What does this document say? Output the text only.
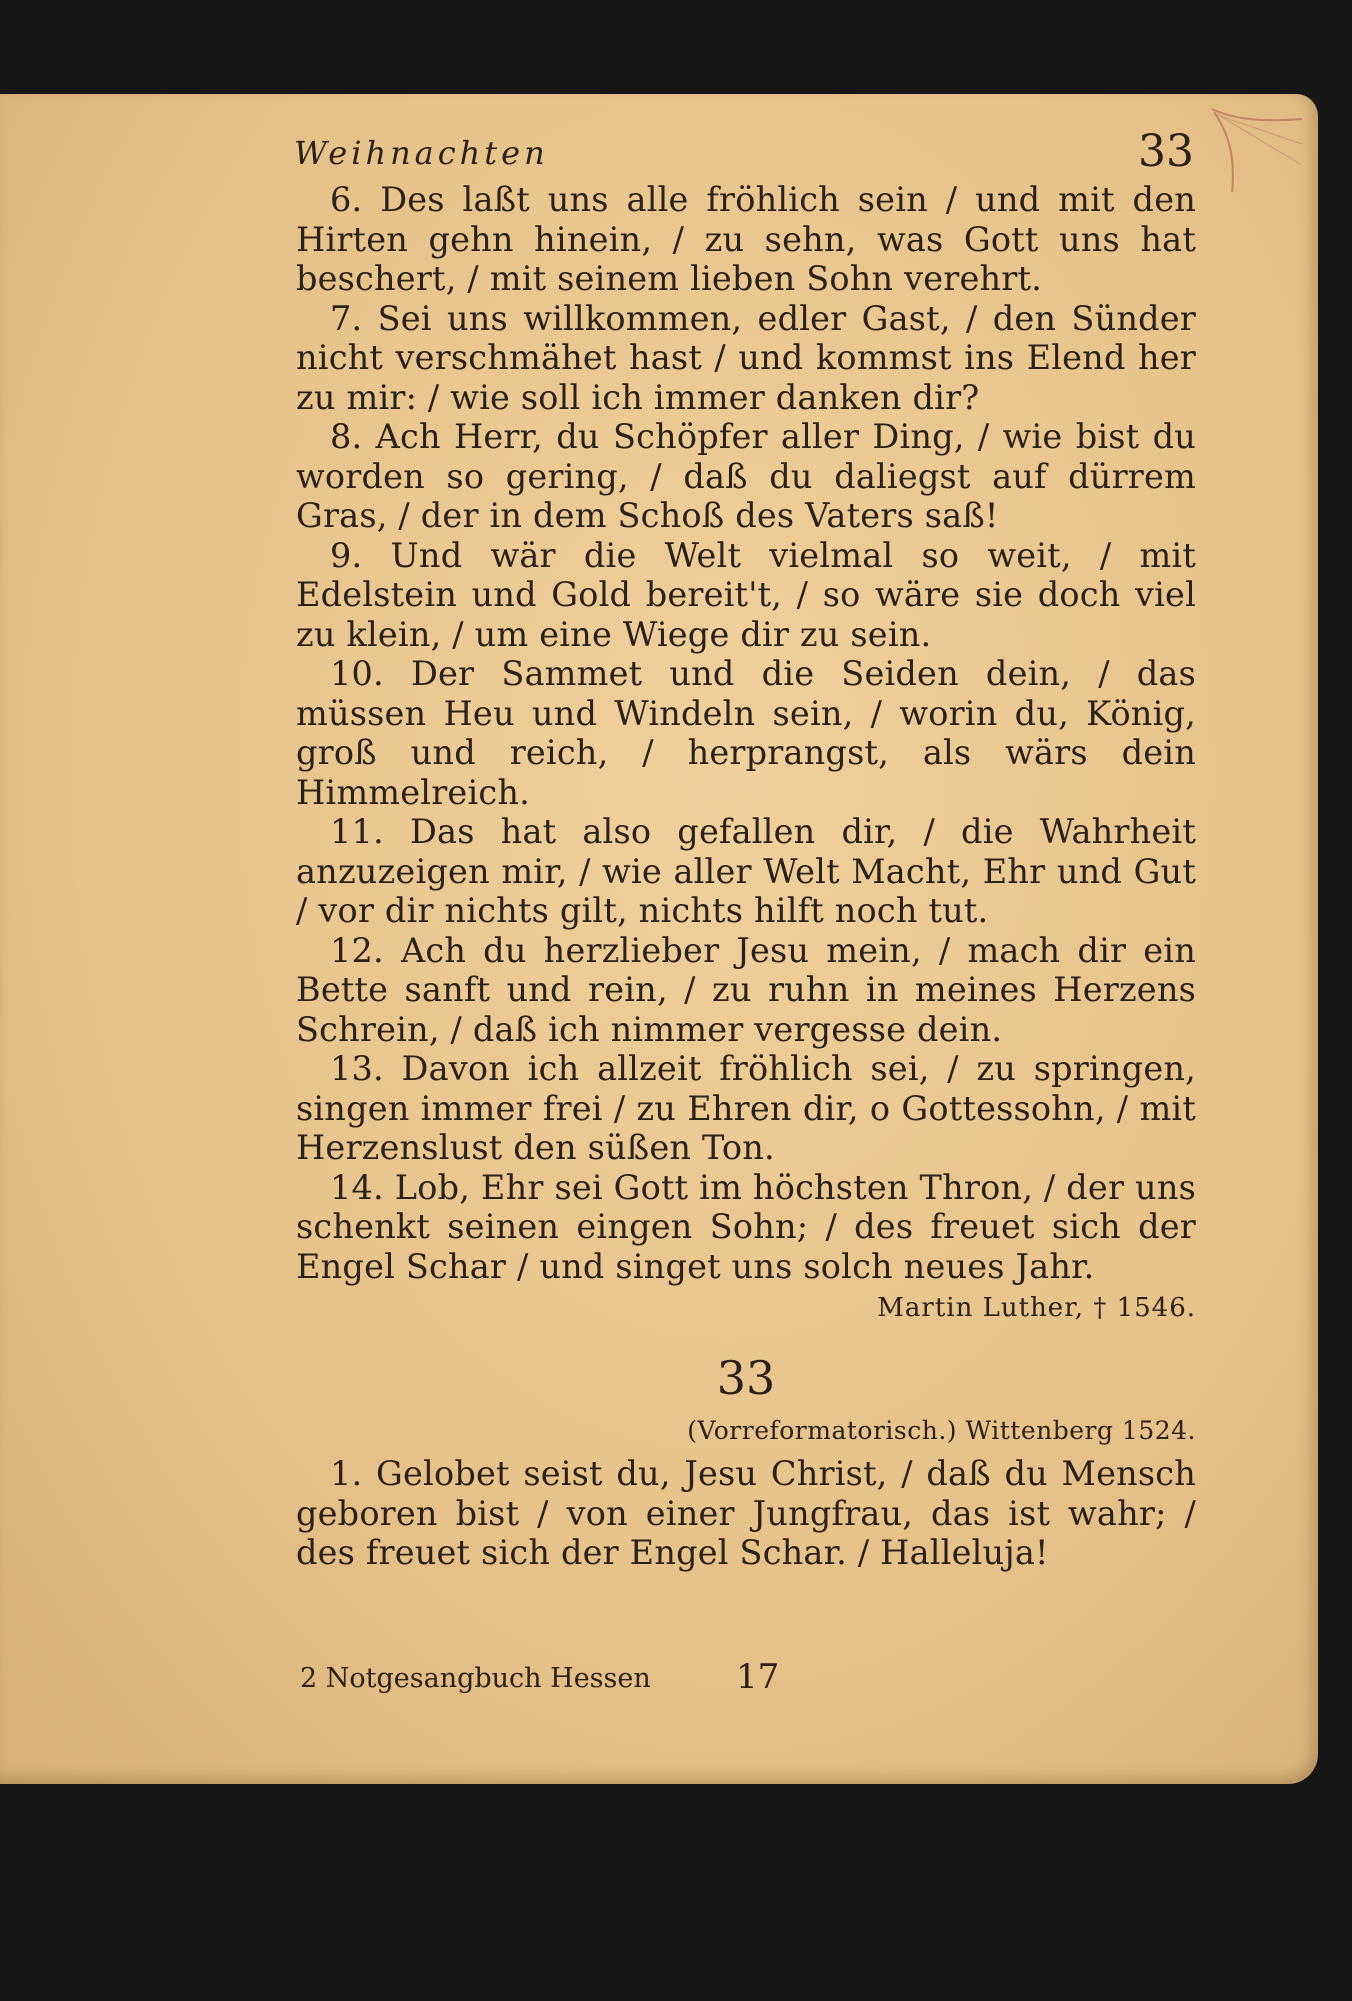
Weihnachten	33

6. Des laßt uns alle fröhlich sein / und mit den Hirten gehn hinein, / zu sehn, was Gott uns hat beschert, / mit seinem lieben Sohn verehrt.

7. Sei uns willkommen, edler Gast, / den Sünder nicht verschmähet hast / und kommst ins Elend her zu mir: / wie soll ich immer danken dir?

8. Ach Herr, du Schöpfer aller Ding, / wie bist du worden so gering, / daß du daliegst auf dürrem Gras, / der in dem Schoß des Vaters saß!

9. Und wär die Welt vielmal so weit, / mit Edelstein und Gold bereit't, / so wäre sie doch viel zu klein, / um eine Wiege dir zu sein.

10. Der Sammet und die Seiden dein, / das müssen Heu und Windeln sein, / worin du, König, groß und reich, / herprangst, als wärs dein Himmelreich.

11. Das hat also gefallen dir, / die Wahrheit anzuzeigen mir, / wie aller Welt Macht, Ehr und Gut / vor dir nichts gilt, nichts hilft noch tut.

12. Ach du herzlieber Jesu mein, / mach dir ein Bette sanft und rein, / zu ruhn in meines Herzens Schrein, / daß ich nimmer vergesse dein.

13. Davon ich allzeit fröhlich sei, / zu springen, singen immer frei / zu Ehren dir, o Gottessohn, / mit Herzenslust den süßen Ton.

14. Lob, Ehr sei Gott im höchsten Thron, / der uns schenkt seinen eingen Sohn; / des freuet sich der Engel Schar / und singet uns solch neues Jahr.

Martin Luther, † 1546.

33

(Vorreformatorisch.) Wittenberg 1524.

1. Gelobet seist du, Jesu Christ, / daß du Mensch geboren bist / von einer Jungfrau, das ist wahr; / des freuet sich der Engel Schar. / Halleluja!

2 Notgesangbuch Hessen	17
